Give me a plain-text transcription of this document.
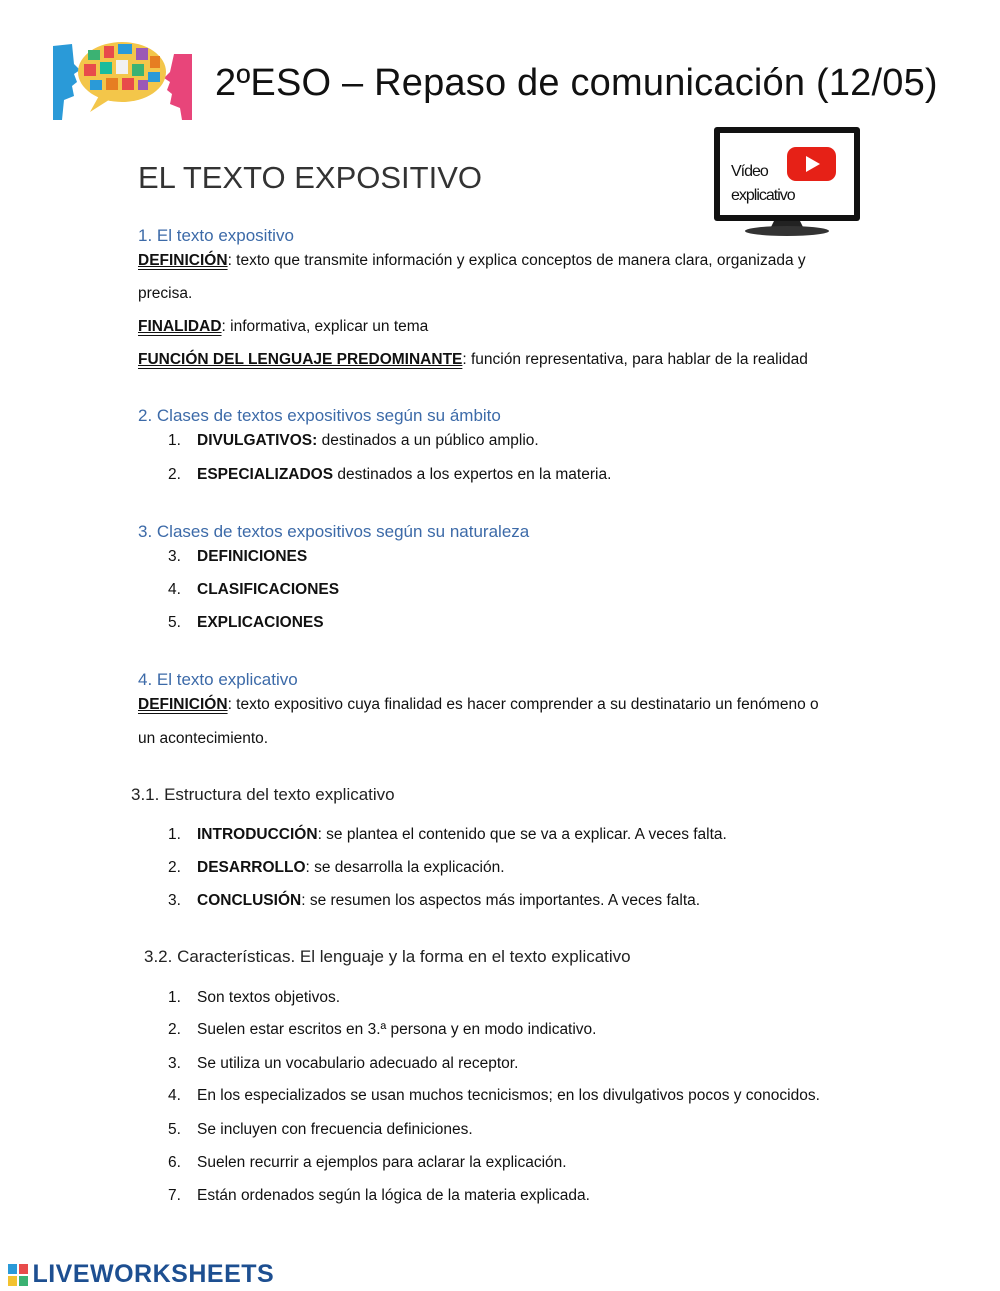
2ºESO – Repaso de comunicación (12/05)
EL TEXTO EXPOSITIVO	Vídeo
explicativo
1. El texto expositivo
DEFINICIÓN: texto que transmite información y explica conceptos de manera clara, organizada y
precisa.
FINALIDAD: informativa, explicar un tema
FUNCIÓN DEL LENGUAJE PREDOMINANTE: función representativa, para hablar de la realidad
2. Clases de textos expositivos según su ámbito
1. DIVULGATIVOS: destinados a un público amplio.
2. ESPECIALIZADOS destinados a los expertos en la materia.
3. Clases de textos expositivos según su naturaleza
3. DEFINICIONES
4. CLASIFICACIONES
5. EXPLICACIONES
4. El texto explicativo
DEFINICIÓN: texto expositivo cuya finalidad es hacer comprender a su destinatario un fenómeno o
un acontecimiento.
3.1. Estructura del texto explicativo
1. INTRODUCCIÓN: se plantea el contenido que se va a explicar. A veces falta.
2. DESARROLLO: se desarrolla la explicación.
3. CONCLUSIÓN: se resumen los aspectos más importantes. A veces falta.
3.2. Características. El lenguaje y la forma en el texto explicativo
1. Son textos objetivos.
2. Suelen estar escritos en 3.ª persona y en modo indicativo.
3. Se utiliza un vocabulario adecuado al receptor.
4. En los especializados se usan muchos tecnicismos; en los divulgativos pocos y conocidos.
5. Se incluyen con frecuencia definiciones.
6. Suelen recurrir a ejemplos para aclarar la explicación.
7. Están ordenados según la lógica de la materia explicada.
LIVEWORKSHEETS
